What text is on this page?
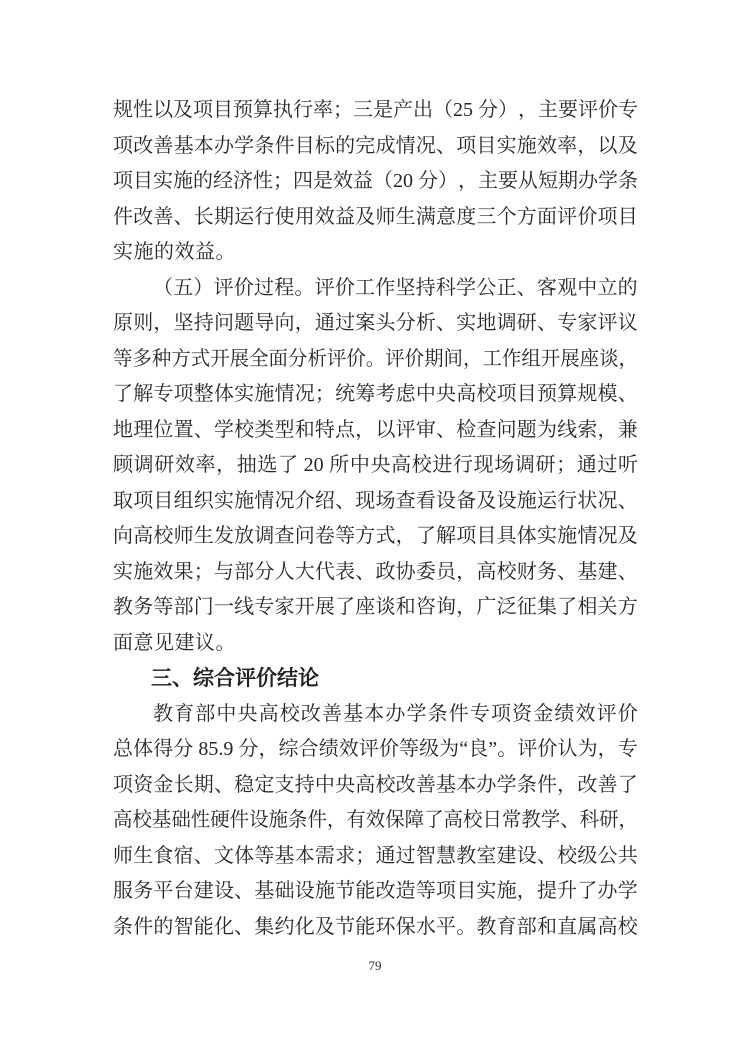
规 性 以 及 项 目 预 算 执 行 率 ； 三 是 产 出 （ 25 分 ） ， 主 要 评 价 专
项 改 善 基 本 办 学 条 件 目 标 的 完 成 情 况 、 项 目 实 施 效 率 ， 以 及
项 目 实 施 的 经 济 性 ； 四 是 效 益 （ 20 分 ） ， 主 要 从 短 期 办 学 条
件 改 善 、 长 期 运 行 使 用 效 益 及 师 生 满 意 度 三 个 方 面 评 价 项 目
实施的效益。
（ 五 ） 评 价 过 程 。 评 价 工 作 坚 持 科 学 公 正 、 客 观 中 立 的
原 则 ， 坚 持 问 题 导 向 ， 通 过 案 头 分 析 、 实 地 调 研 、 专 家 评 议
等 多 种 方 式 开 展 全 面 分 析 评 价 。 评 价 期 间 ， 工 作 组 开 展 座 谈 ，
了 解 专 项 整 体 实 施 情 况 ； 统 筹 考 虑 中 央 高 校 项 目 预 算 规 模 、
地 理 位 置 、 学 校 类 型 和 特 点 ， 以 评 审 、 检 查 问 题 为 线 索 ， 兼
顾 调 研 效 率 ， 抽 选 了 20 所 中 央 高 校 进 行 现 场 调 研 ； 通 过 听
取 项 目 组 织 实 施 情 况 介 绍 、 现 场 查 看 设 备 及 设 施 运 行 状 况 、
向 高 校 师 生 发 放 调 查 问 卷 等 方 式 ， 了 解 项 目 具 体 实 施 情 况 及
实 施 效 果 ； 与 部 分 人 大 代 表 、 政 协 委 员 ， 高 校 财 务 、 基 建 、
教 务 等 部 门 一 线 专 家 开 展 了 座 谈 和 咨 询 ， 广 泛 征 集 了 相 关 方
面意见建议。
三、综合评价结论
教 育 部 中 央 高 校 改 善 基 本 办 学 条 件 专 项 资 金 绩 效 评 价
总 体 得 分 85.9 分 ， 综 合 绩 效 评 价 等 级 为 “ 良 ” 。 评 价 认 为 ， 专
项 资 金 长 期 、 稳 定 支 持 中 央 高 校 改 善 基 本 办 学 条 件 ， 改 善 了
高 校 基 础 性 硬 件 设 施 条 件 ， 有 效 保 障 了 高 校 日 常 教 学 、 科 研 ，
师 生 食 宿 、 文 体 等 基 本 需 求 ； 通 过 智 慧 教 室 建 设 、 校 级 公 共
服 务 平 台 建 设 、 基 础 设 施 节 能 改 造 等 项 目 实 施 ， 提 升 了 办 学
条 件 的 智 能 化 、 集 约 化 及 节 能 环 保 水 平 。 教 育 部 和 直 属 高 校
79
